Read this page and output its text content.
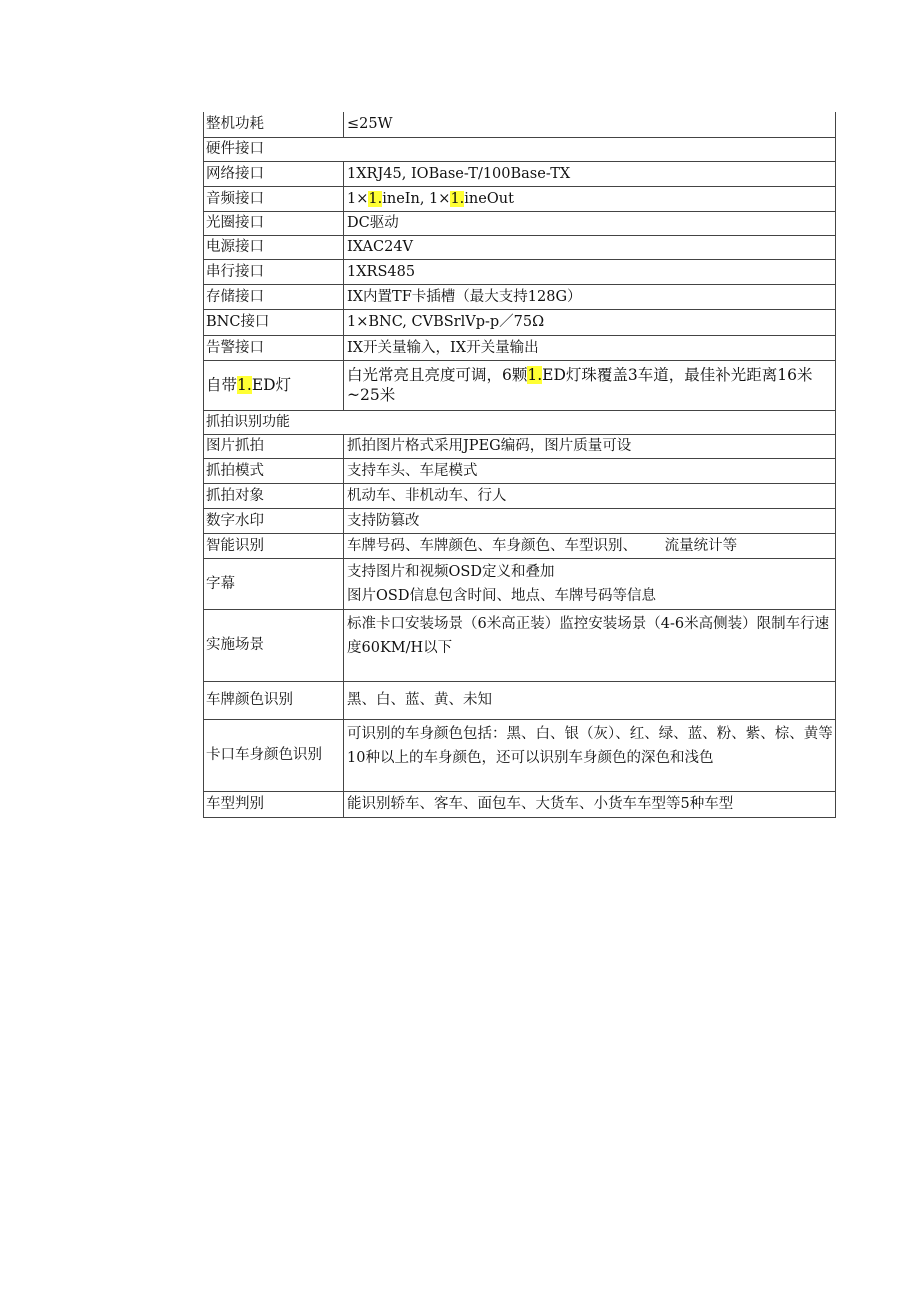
整机功耗	≤25W
硬件接口	
网络接口	1XRJ45, IOBase-T/100Base-TX
音频接口	1×1.ineIn, 1×1.ineOut
光圈接口	DC驱动
电源接口	IXAC24V
串行接口	1XRS485
存储接口	IX内置TF卡插槽（最大支持128G）
BNC接口	1×BNC, CVBSrlVp-p／75Ω
告警接口	IX开关量输入，IX开关量输出
自带1.ED灯	白光常亮且亮度可调，6颗1.ED灯珠覆盖3车道，最佳补光距离16米~25米
抓拍识别功能	
图片抓拍	抓拍图片格式采用JPEG编码，图片质量可设
抓拍模式	支持车头、车尾模式
抓拍对象	机动车、非机动车、行人
数字水印	支持防篡改
智能识别	车牌号码、车牌颜色、车身颜色、车型识别、      流量统计等
字幕	支持图片和视频OSD定义和叠加
图片OSD信息包含时间、地点、车牌号码等信息

实施场景	标准卡口安装场景（6米高正装）监控安装场景（4-6米高侧装）限制车行速度60KM/H以下
车牌颜色识别	黑、白、蓝、黄、未知
卡口车身颜色识别	可识别的车身颜色包括：黑、白、银（灰）、红、绿、蓝、粉、紫、棕、黄等10种以上的车身颜色，还可以识别车身颜色的深色和浅色
车型判别	能识别轿车、客车、面包车、大货车、小货车车型等5种车型
